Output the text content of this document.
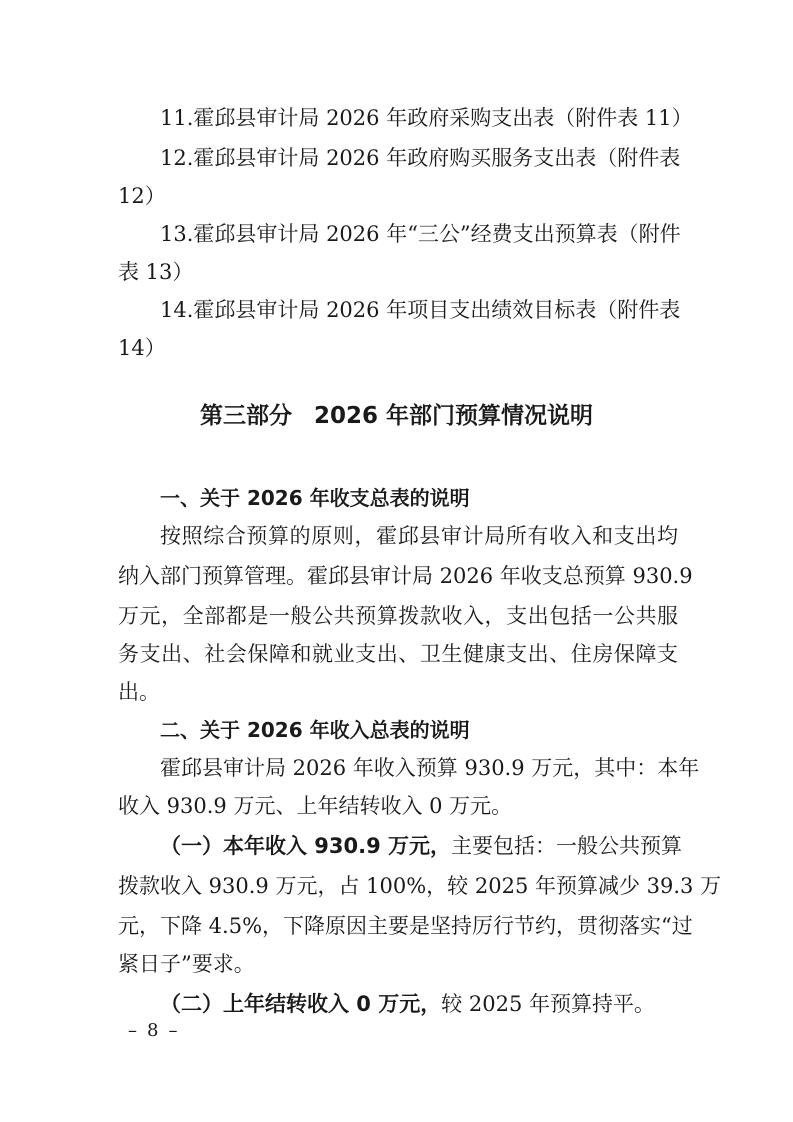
11.霍邱县审计局 2026 年政府采购支出表（附件表 11）
12.霍邱县审计局 2026 年政府购买服务支出表（附件表
12）
13.霍邱县审计局 2026 年“三公”经费支出预算表（附件
表 13）
14.霍邱县审计局 2026 年项目支出绩效目标表（附件表
14）
第三部分 2026 年部门预算情况说明
一、关于 2026 年收支总表的说明
按照综合预算的原则，霍邱县审计局所有收入和支出均
纳入部门预算管理。霍邱县审计局 2026 年收支总预算 930.9
万元，全部都是一般公共预算拨款收入，支出包括一公共服
务支出、社会保障和就业支出、卫生健康支出、住房保障支
出。
二、关于 2026 年收入总表的说明
霍邱县审计局 2026 年收入预算 930.9 万元，其中：本年
收入 930.9 万元、上年结转收入 0 万元。
（一）本年收入 930.9 万元，主要包括：一般公共预算
拨款收入 930.9 万元，占 100%，较 2025 年预算减少 39.3 万
元，下降 4.5%，下降原因主要是坚持厉行节约，贯彻落实“过
紧日子”要求。
（二）上年结转收入 0 万元，较 2025 年预算持平。
– 8 –
